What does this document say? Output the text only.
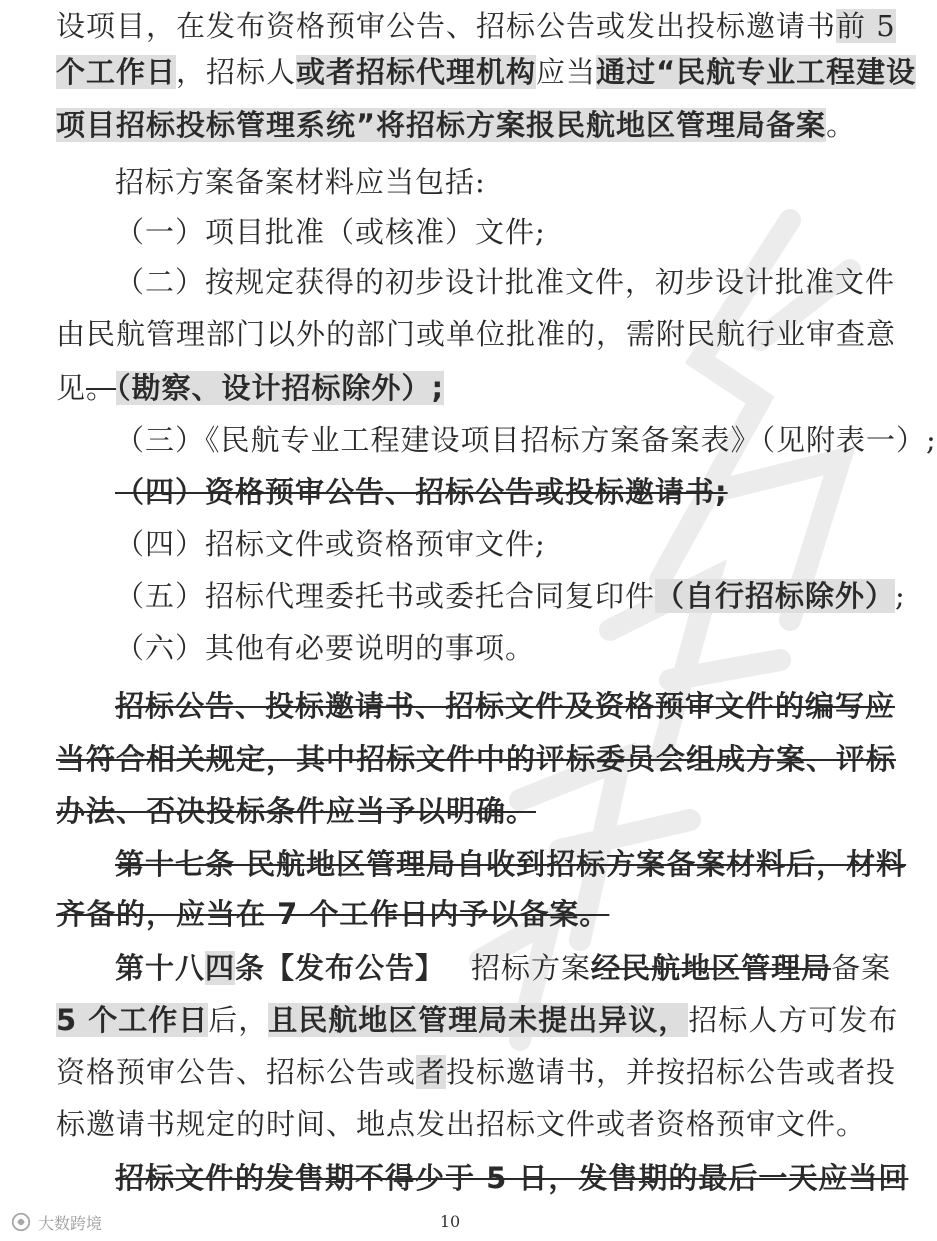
设项目，在发布资格预审公告、招标公告或发出投标邀请书前 5
个工作日，招标人或者招标代理机构应当通过“民航专业工程建设
项目招标投标管理系统”将招标方案报民航地区管理局备案。
招标方案备案材料应当包括:
（一）项目批准（或核准）文件;
（二）按规定获得的初步设计批准文件，初步设计批准文件
由民航管理部门以外的部门或单位批准的，需附民航行业审查意
见。（勘察、设计招标除外）;
（三）《民航专业工程建设项目招标方案备案表》（见附表一）;
（四）资格预审公告、招标公告或投标邀请书;
（四）招标文件或资格预审文件;
（五）招标代理委托书或委托合同复印件（自行招标除外）;
（六）其他有必要说明的事项。
招标公告、投标邀请书、招标文件及资格预审文件的编写应
当符合相关规定，其中招标文件中的评标委员会组成方案、评标
办法、否决投标条件应当予以明确。
第十七条 民航地区管理局自收到招标方案备案材料后，材料
齐备的，应当在 7 个工作日内予以备案。
第十八四条【发布公告】 招标方案经民航地区管理局备案
5 个工作日后，且民航地区管理局未提出异议，招标人方可发布
资格预审公告、招标公告或者投标邀请书，并按招标公告或者投
标邀请书规定的时间、地点发出招标文件或者资格预审文件。
招标文件的发售期不得少于 5 日，发售期的最后一天应当回
10
大数跨境
